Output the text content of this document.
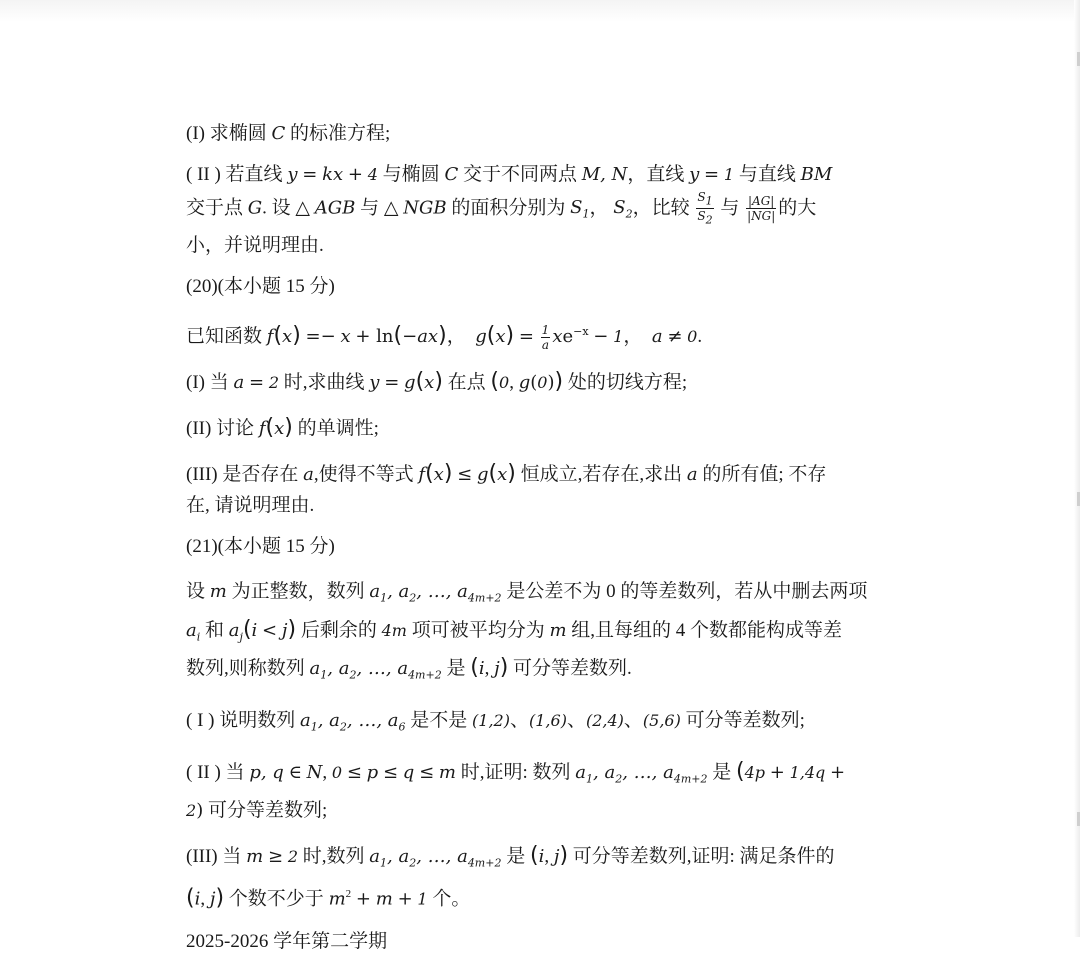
(I) 求椭圆 C 的标准方程;

( II ) 若直线 y = kx + 4 与椭圆 C 交于不同两点 M, N，直线 y = 1 与直线 BM
交于点 G. 设 △ AGB 与 △ NGB 的面积分别为 $S_1$， $S_2$，比较 $\frac{S_1}{S_2}$ 与 $\frac{|AG|}{|NG|}$ 的大
小，并说明理由.

(20)(本小题 15 分)

已知函数 f(x) =− x + ln(−ax)，  $g(x) = \frac{1}{a} xe^{-x} - 1$，  a ≠ 0.

(I) 当 a = 2 时,求曲线 y = g(x) 在点 (0, g(0)) 处的切线方程;

(II) 讨论 f(x) 的单调性;

(III) 是否存在 a,使得不等式 f(x) ≤ g(x) 恒成立,若存在,求出 a 的所有值; 不存
在, 请说明理由.

(21)(本小题 15 分)

设 m 为正整数，数列 $a_1$, $a_2$, …, $a_{4m+2}$ 是公差不为 0 的等差数列，若从中删去两项
$a_i$ 和 $a_j(i < j)$ 后剩余的 4m 项可被平均分为 m 组,且每组的 4 个数都能构成等差
数列,则称数列 $a_1$, $a_2$, …, $a_{4m+2}$ 是 (i, j) 可分等差数列.

( I ) 说明数列 $a_1$, $a_2$, …, $a_6$ 是不是 (1,2)、(1,6)、(2,4)、(5,6) 可分等差数列;

( II ) 当 p, q ∈ N, 0 ≤ p ≤ q ≤ m 时,证明: 数列 $a_1$, $a_2$, …, $a_{4m+2}$ 是 (4p + 1,4q +
2) 可分等差数列;

(III) 当 m ≥ 2 时,数列 $a_1$, $a_2$, …, $a_{4m+2}$ 是 (i, j) 可分等差数列,证明: 满足条件的
(i, j) 个数不少于 $m^2 + m + 1$ 个。

2025-2026 学年第二学期
